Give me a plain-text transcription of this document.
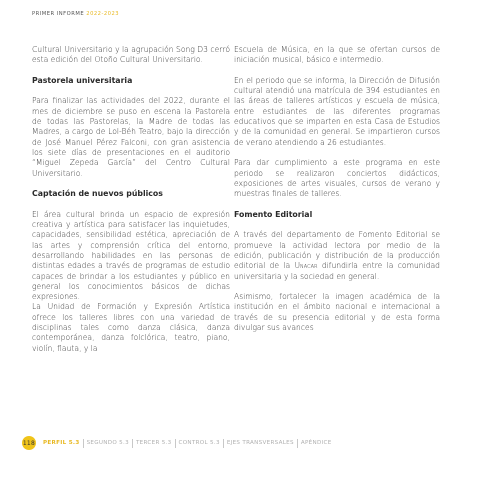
PRIMER INFORME 2022-2023

Cultural Universitario y la agrupación Song D3 cerró esta edición del Otoño Cultural Universitario.

Pastorela universitaria

Para finalizar las actividades del 2022, durante el mes de diciembre se puso en escena la Pastorela de todas las Pastorelas, la Madre de todas las Madres, a cargo de Lol-Béh Teatro, bajo la dirección de José Manuel Pérez Falconi, con gran asistencia los siete días de presentaciones en el auditorio “Miguel Zepeda García” del Centro Cultural Universitario.

Captación de nuevos públicos

El área cultural brinda un espacio de expresión creativa y artística para satisfacer las inquietudes, capacidades, sensibilidad estética, apreciación de las artes y comprensión crítica del entorno, desarrollando habilidades en las personas de distintas edades a través de programas de estudio capaces de brindar a los estudiantes y público en general los conocimientos básicos de dichas expresiones.

La Unidad de Formación y Expresión Artística ofrece los talleres libres con una variedad de disciplinas tales como danza clásica, danza contemporánea, danza folclórica, teatro, piano, violín, flauta, y la

Escuela de Música, en la que se ofertan cursos de iniciación musical, básico e intermedio.

En el periodo que se informa, la Dirección de Difusión cultural atendió una matrícula de 394 estudiantes en las áreas de talleres artísticos y escuela de música, entre estudiantes de las diferentes programas educativos que se imparten en esta Casa de Estudios y de la comunidad en general. Se impartieron cursos de verano atendiendo a 26 estudiantes.

Para dar cumplimiento a este programa en este periodo se realizaron conciertos didácticos, exposiciones de artes visuales, cursos de verano y muestras finales de talleres.

Fomento Editorial

A través del departamento de Fomento Editorial se promueve la actividad lectora por medio de la edición, publicación y distribución de la producción editorial de la Unacar difundirla entre la comunidad universitaria y la sociedad en general.

Asimismo, fortalecer la imagen académica de la institución en el ámbito nacional e internacional a través de su presencia editorial y de esta forma divulgar sus avances

118	PERFIL 5.3	SEGUNDO 5.3	TERCER 5.3	CONTROL 5.3	EJES TRANSVERSALES	APÉNDICE
